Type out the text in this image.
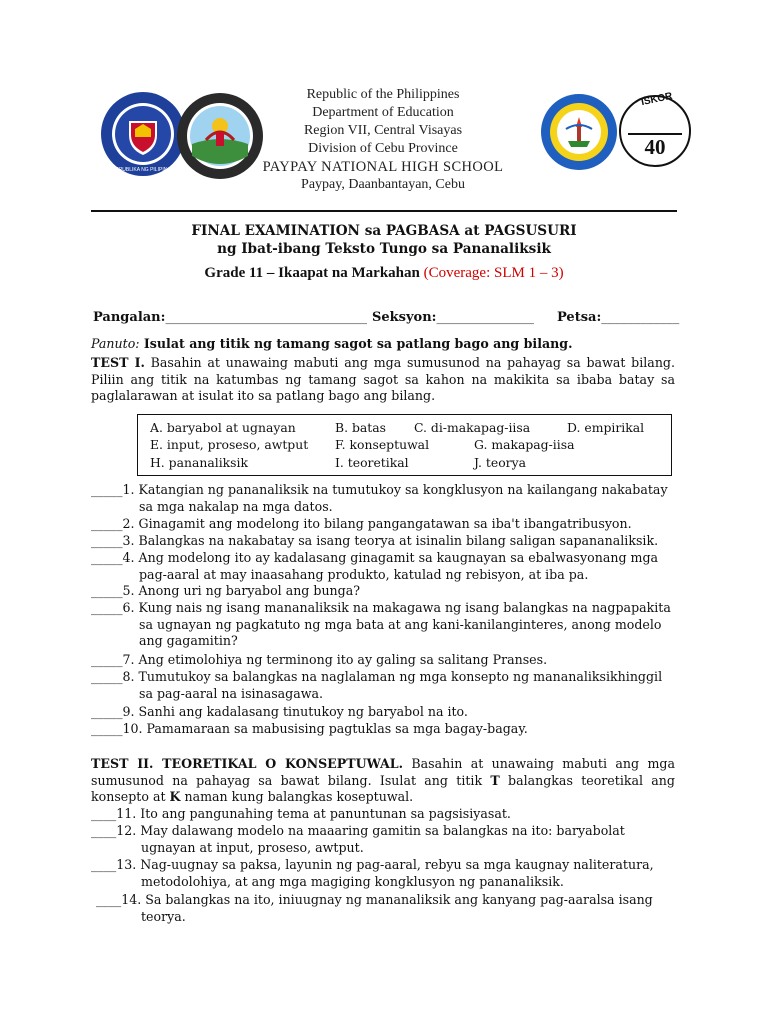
REPUBLIKA NG PILIPINAS
Republic of the Philippines
Department of Education
Region VII, Central Visayas
Division of Cebu Province
PAYPAY NATIONAL HIGH SCHOOL
Paypay, Daanbantayan, Cebu
ISKOR
40
FINAL EXAMINATION sa PAGBASA at PAGSUSURI
ng Ibat-ibang Teksto Tungo sa Pananaliksik
Grade 11 – Ikaapat na Markahan (Coverage: SLM 1 – 3)
Pangalan:_______________________________ Seksyon:_______________ Petsa:____________
Panuto: Isulat ang titik ng tamang sagot sa patlang bago ang bilang.
TEST I. Basahin at unawaing mabuti ang mga sumusunod na pahayag sa bawat bilang. Piliin ang titik na katumbas ng tamang sagot sa kahon na makikita sa ibaba batay sa paglalarawan at isulat ito sa patlang bago ang bilang.
A. baryabol at ugnayan	B. batas C. di-makapag-iisa	D. empirikal
E. input, proseso, awtput F. konseptuwal	G. makapag-iisa
H. pananaliksik	I. teoretikal	J. teorya
_____1. Katangian ng pananaliksik na tumutukoy sa kongklusyon na kailangang nakabatay
sa mga nakalap na mga datos.
_____2. Ginagamit ang modelong ito bilang pangangatawan sa iba't ibangatribusyon.
_____3. Balangkas na nakabatay sa isang teorya at isinalin bilang saligan sapananaliksik.
_____4. Ang modelong ito ay kadalasang ginagamit sa kaugnayan sa ebalwasyonang mga
pag-aaral at may inaasahang produkto, katulad ng rebisyon, at iba pa.
_____5. Anong uri ng baryabol ang bunga?
_____6. Kung nais ng isang mananaliksik na makagawa ng isang balangkas na nagpapakita
sa ugnayan ng pagkatuto ng mga bata at ang kani-kanilanginteres, anong modelo
ang gagamitin?
_____7. Ang etimolohiya ng terminong ito ay galing sa salitang Pranses.
_____8. Tumutukoy sa balangkas na naglalaman ng mga konsepto ng mananaliksikhinggil
sa pag-aaral na isinasagawa.
_____9. Sanhi ang kadalasang tinutukoy ng baryabol na ito.
_____10. Pamamaraan sa mabusising pagtuklas sa mga bagay-bagay.
TEST II. TEORETIKAL O KONSEPTUWAL. Basahin at unawaing mabuti ang mga sumusunod na pahayag sa bawat bilang. Isulat ang titik T balangkas teoretikal ang konsepto at K naman kung balangkas koseptuwal.
____11. Ito ang pangunahing tema at panuntunan sa pagsisiyasat.
____12. May dalawang modelo na maaaring gamitin sa balangkas na ito: baryabolat
ugnayan at input, proseso, awtput.
____13. Nag-uugnay sa paksa, layunin ng pag-aaral, rebyu sa mga kaugnay naliteratura,
metodolohiya, at ang mga magiging kongklusyon ng pananaliksik.
____14. Sa balangkas na ito, iniuugnay ng mananaliksik ang kanyang pag-aaralsa isang
teorya.
